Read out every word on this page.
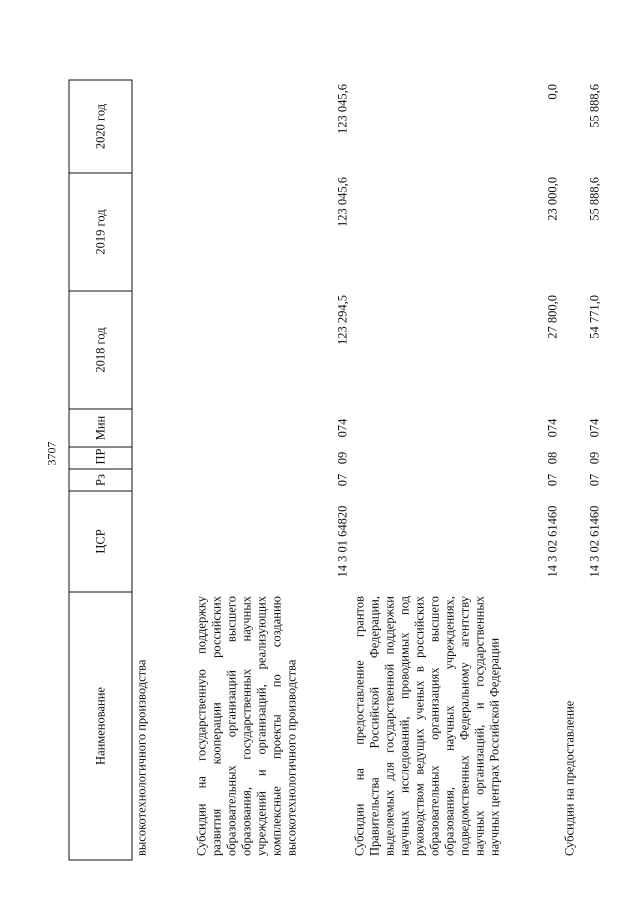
3707
Наименование	ЦСР	Рз	ПР	Мин	2018 год	2019 год	2020 год

высокотехнологичного производства							

Субсидии на государственную поддержку развития кооперации российских образовательных организаций высшего образования, государственных научных учреждений и организаций, реализующих комплексные проекты по созданию высокотехнологичного производства	14 3 01 64820	07	09	074	123 294,5	123 045,6	123 045,6

Субсидии на предоставление грантов Правительства Российской Федерации, выделяемых для государственной поддержки научных исследований, проводимых под руководством ведущих ученых в российских образовательных организациях высшего образования, научных учреждениях, подведомственных Федеральному агентству научных организаций, и государственных научных центрах Российской Федерации	14 3 02 61460	07	08	074	27 800,0	23 000,0	0,0

Субсидии на предоставление	14 3 02 61460	07	09	074	54 771,0	55 888,6	55 888,6
